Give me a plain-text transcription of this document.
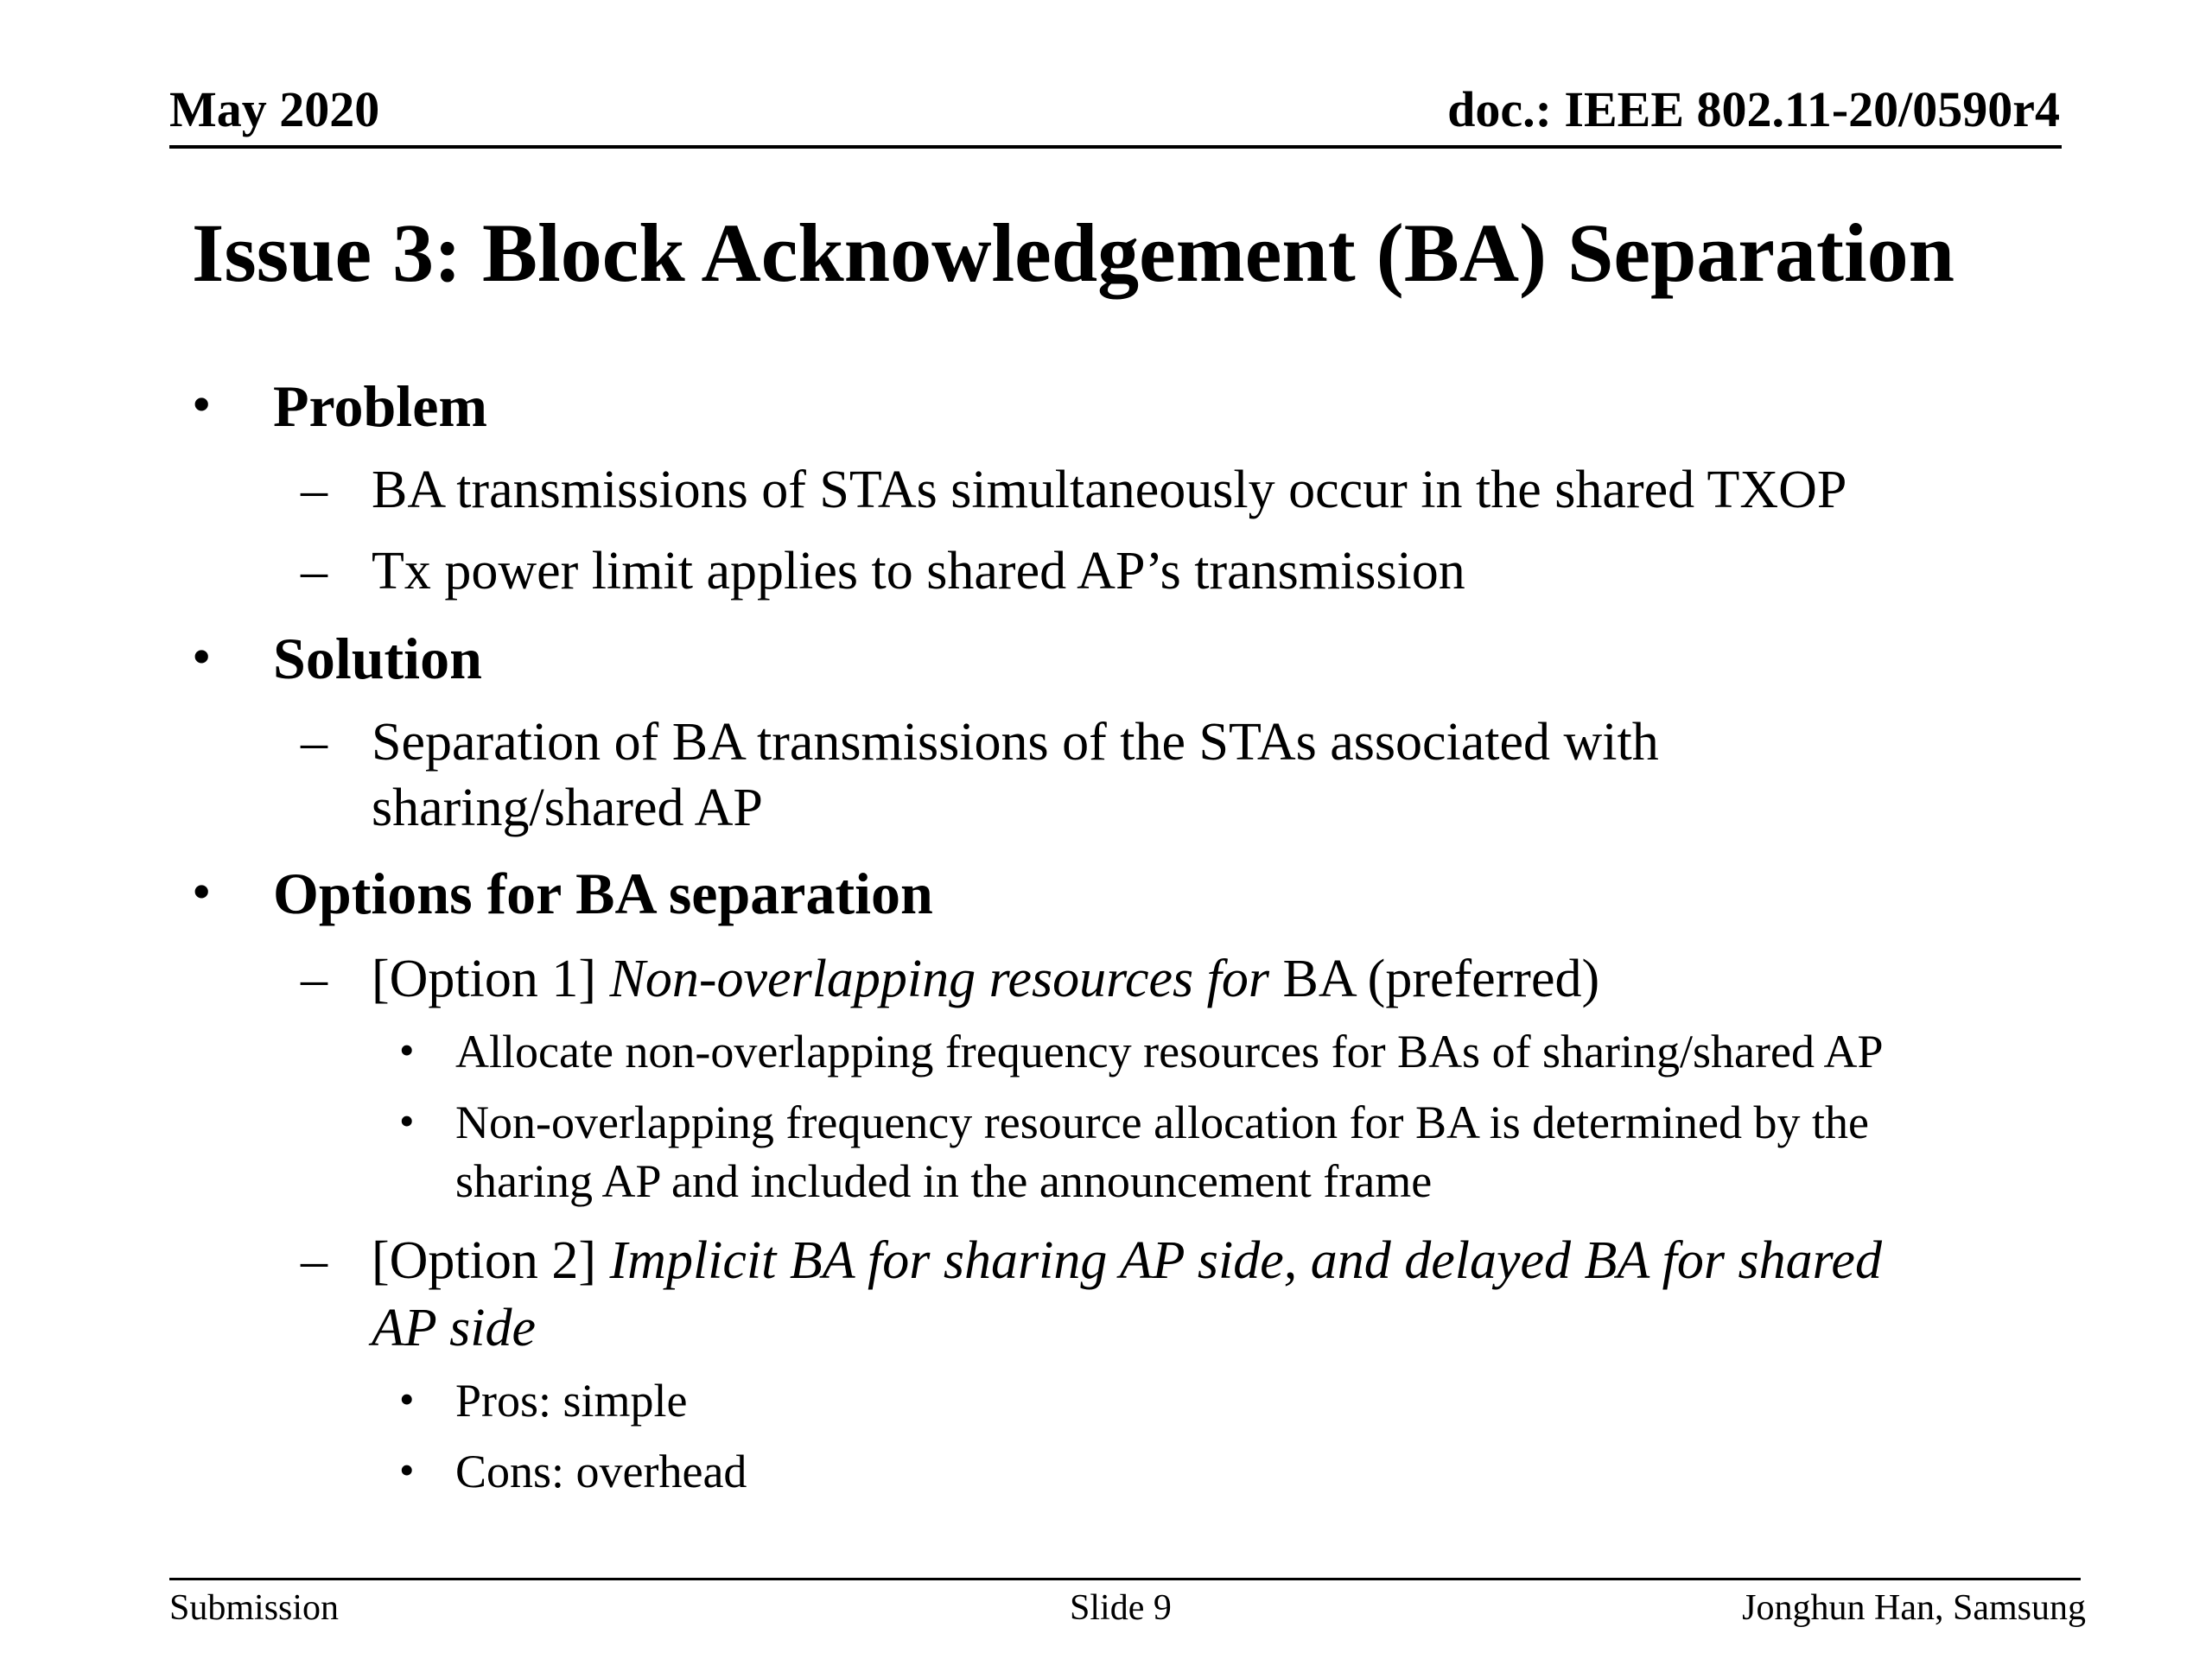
May 2020	doc.: IEEE 802.11-20/0590r4
Issue 3: Block Acknowledgement (BA) Separation
• Problem
– BA transmissions of STAs simultaneously occur in the shared TXOP
– Tx power limit applies to shared AP’s transmission
• Solution
– Separation of BA transmissions of the STAs associated with
sharing/shared AP
• Options for BA separation
– [Option 1] Non-overlapping resources for BA (preferred)
• Allocate non-overlapping frequency resources for BAs of sharing/shared AP
• Non-overlapping frequency resource allocation for BA is determined by the
sharing AP and included in the announcement frame
– [Option 2] Implicit BA for sharing AP side, and delayed BA for shared
AP side
• Pros: simple
• Cons: overhead
Submission	Slide 9	Jonghun Han, Samsung
